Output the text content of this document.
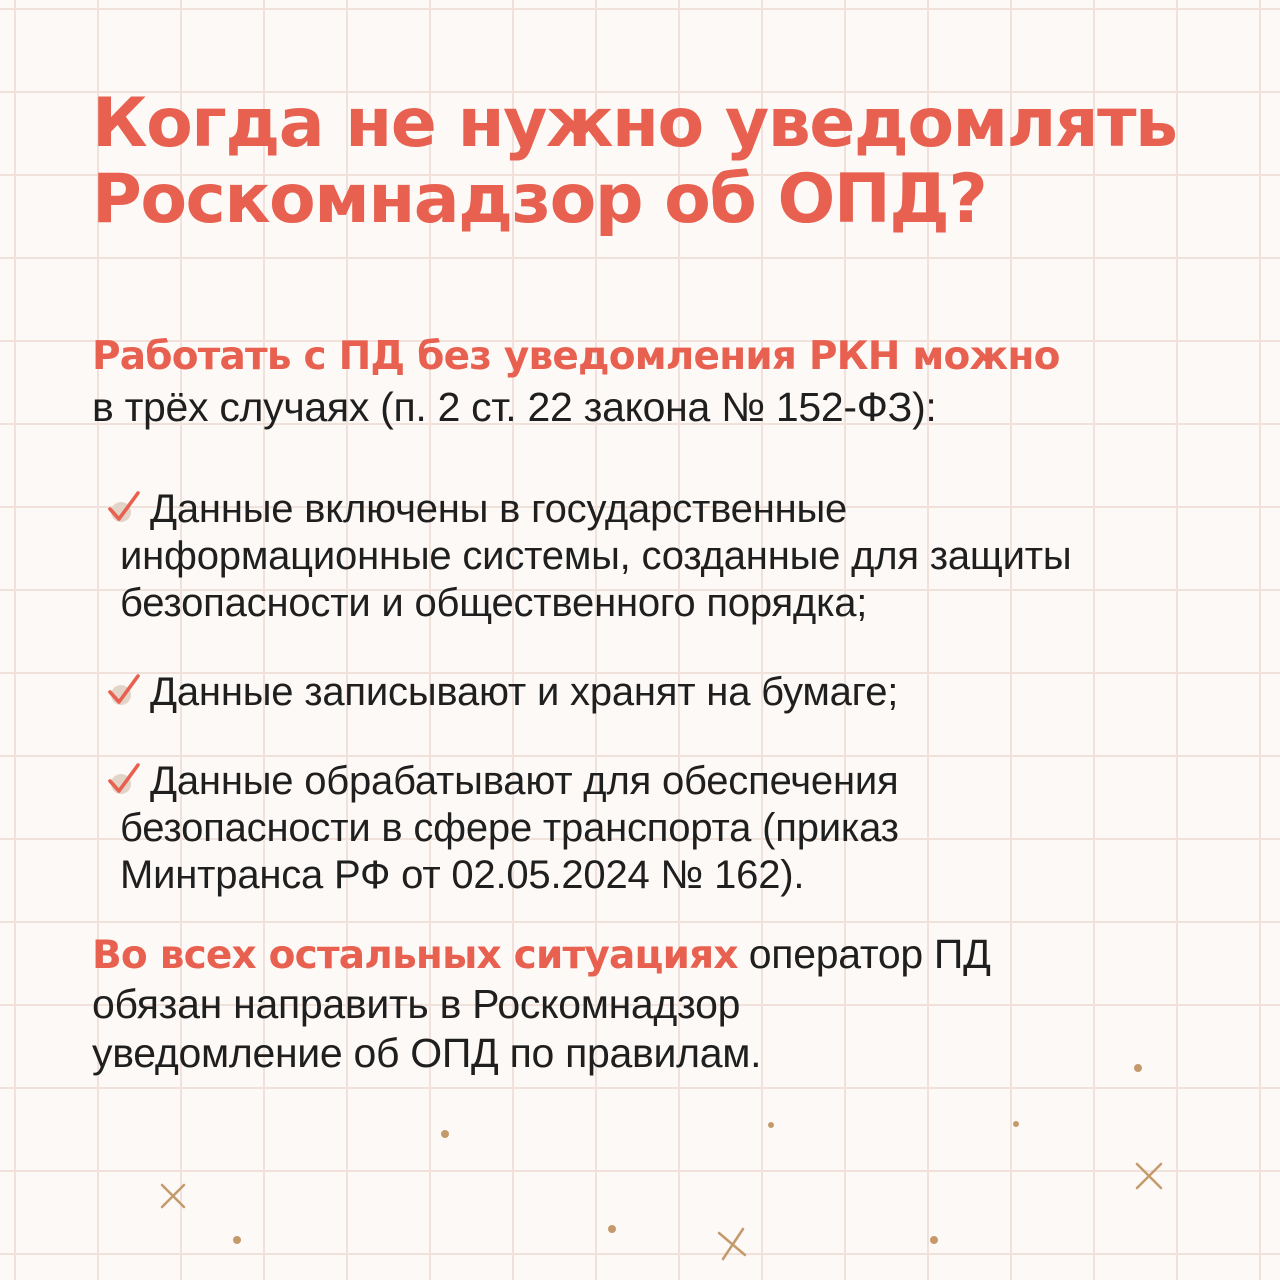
Когда не нужно уведомлять
Роскомнадзор об ОПД?
Работать с ПД без уведомления РКН можно
в трёх случаях (п. 2 ст. 22 закона № 152-ФЗ):
Данные включены в государственные
информационные системы, созданные для защиты
безопасности и общественного порядка;
Данные записывают и хранят на бумаге;
Данные обрабатывают для обеспечения
безопасности в сфере транспорта (приказ
Минтранса РФ от 02.05.2024 № 162).
Во всех остальных ситуациях оператор ПД
обязан направить в Роскомнадзор
уведомление об ОПД по правилам.
